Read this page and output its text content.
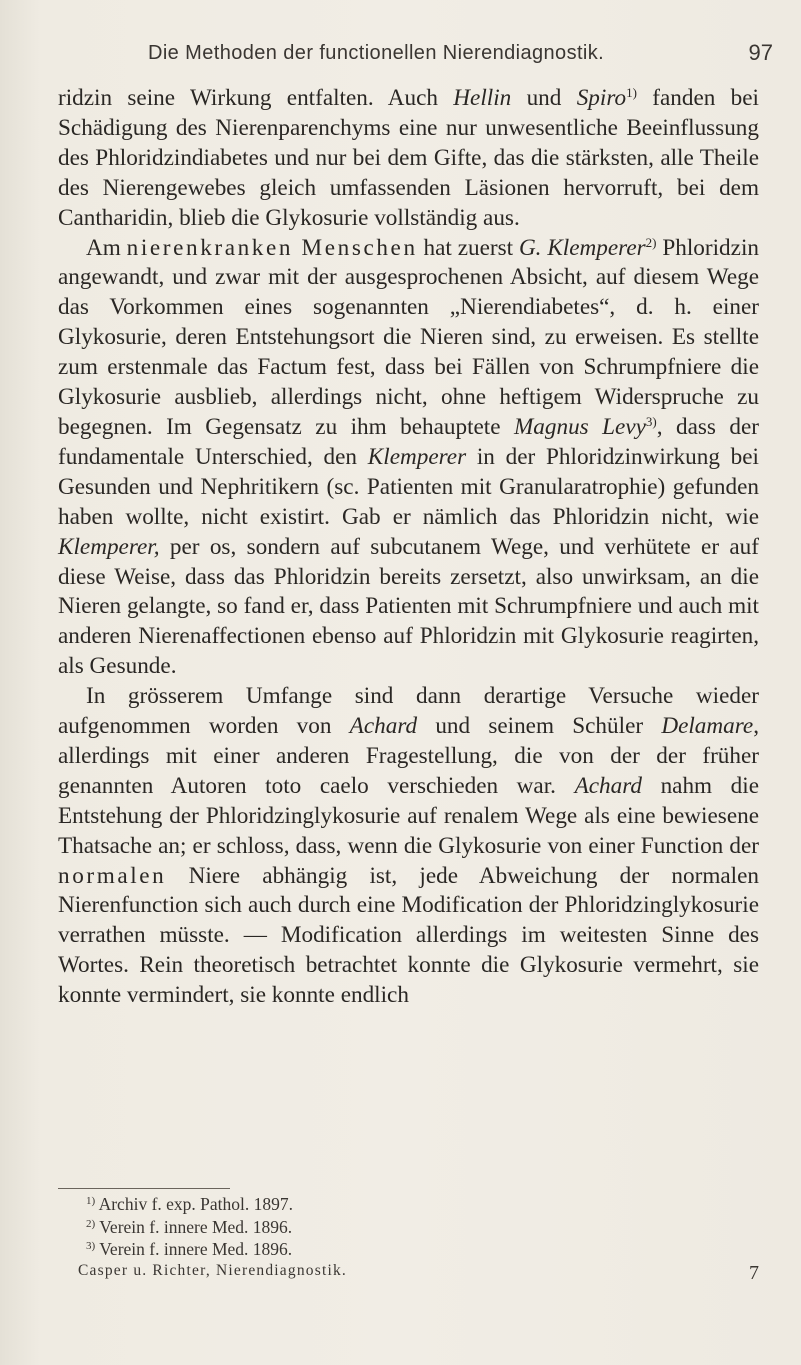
Die Methoden der functionellen Nierendiagnostik.	97

ridzin seine Wirkung entfalten. Auch Hellin und Spiro$^{1)}$ fanden bei Schädigung des Nierenparenchyms eine nur unwesentliche Beeinflussung des Phloridzindiabetes und nur bei dem Gifte, das die stärksten, alle Theile des Nierengewebes gleich umfassenden Läsionen hervorruft, bei dem Cantharidin, blieb die Glykosurie vollständig aus.

Am nierenkranken Menschen hat zuerst G. Klemperer$^{2)}$ Phloridzin angewandt, und zwar mit der ausgesprochenen Absicht, auf diesem Wege das Vorkommen eines sogenannten „Nierendiabetes“, d. h. einer Glykosurie, deren Entstehungsort die Nieren sind, zu erweisen. Es stellte zum erstenmale das Factum fest, dass bei Fällen von Schrumpfniere die Glykosurie ausblieb, allerdings nicht, ohne heftigem Widerspruche zu begegnen. Im Gegensatz zu ihm behauptete Magnus Levy$^{3)}$, dass der fundamentale Unterschied, den Klemperer in der Phloridzinwirkung bei Gesunden und Nephritikern (sc. Patienten mit Granularatrophie) gefunden haben wollte, nicht existirt. Gab er nämlich das Phloridzin nicht, wie Klemperer, per os, sondern auf subcutanem Wege, und verhütete er auf diese Weise, dass das Phloridzin bereits zersetzt, also unwirksam, an die Nieren gelangte, so fand er, dass Patienten mit Schrumpfniere und auch mit anderen Nierenaffectionen ebenso auf Phloridzin mit Glykosurie reagirten, als Gesunde.

In grösserem Umfange sind dann derartige Versuche wieder aufgenommen worden von Achard und seinem Schüler Delamare, allerdings mit einer anderen Fragestellung, die von der der früher genannten Autoren toto caelo verschieden war. Achard nahm die Entstehung der Phloridzinglykosurie auf renalem Wege als eine bewiesene Thatsache an; er schloss, dass, wenn die Glykosurie von einer Function der normalen Niere abhängig ist, jede Abweichung der normalen Nierenfunction sich auch durch eine Modification der Phloridzinglykosurie verrathen müsste. — Modification allerdings im weitesten Sinne des Wortes. Rein theoretisch betrachtet konnte die Glykosurie vermehrt, sie konnte vermindert, sie konnte endlich

$^{1)}$ Archiv f. exp. Pathol. 1897.
$^{2)}$ Verein f. innere Med. 1896.
$^{3)}$ Verein f. innere Med. 1896.
Casper u. Richter, Nierendiagnostik.	7
